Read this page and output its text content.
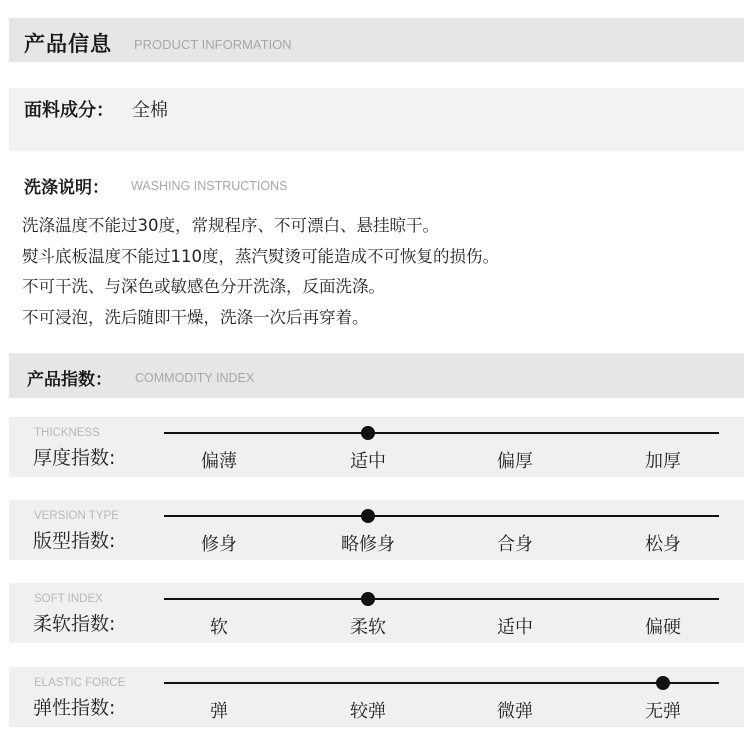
产品信息 PRODUCT INFORMATION
面料成分： 全棉
洗涤说明： WASHING INSTRUCTIONS
洗涤温度不能过30度，常规程序、不可漂白、悬挂晾干。
熨斗底板温度不能过110度，蒸汽熨烫可能造成不可恢复的损伤。
不可干洗、与深色或敏感色分开洗涤，反面洗涤。
不可浸泡，洗后随即干燥，洗涤一次后再穿着。
产品指数： COMMODITY INDEX
THICKNESS
厚度指数:	偏薄	适中	偏厚	加厚
VERSION TYPE
版型指数:	修身	略修身	合身	松身
SOFT INDEX
柔软指数:	软	柔软	适中	偏硬
ELASTIC FORCE
弹性指数:	弹	较弹	微弹	无弹
